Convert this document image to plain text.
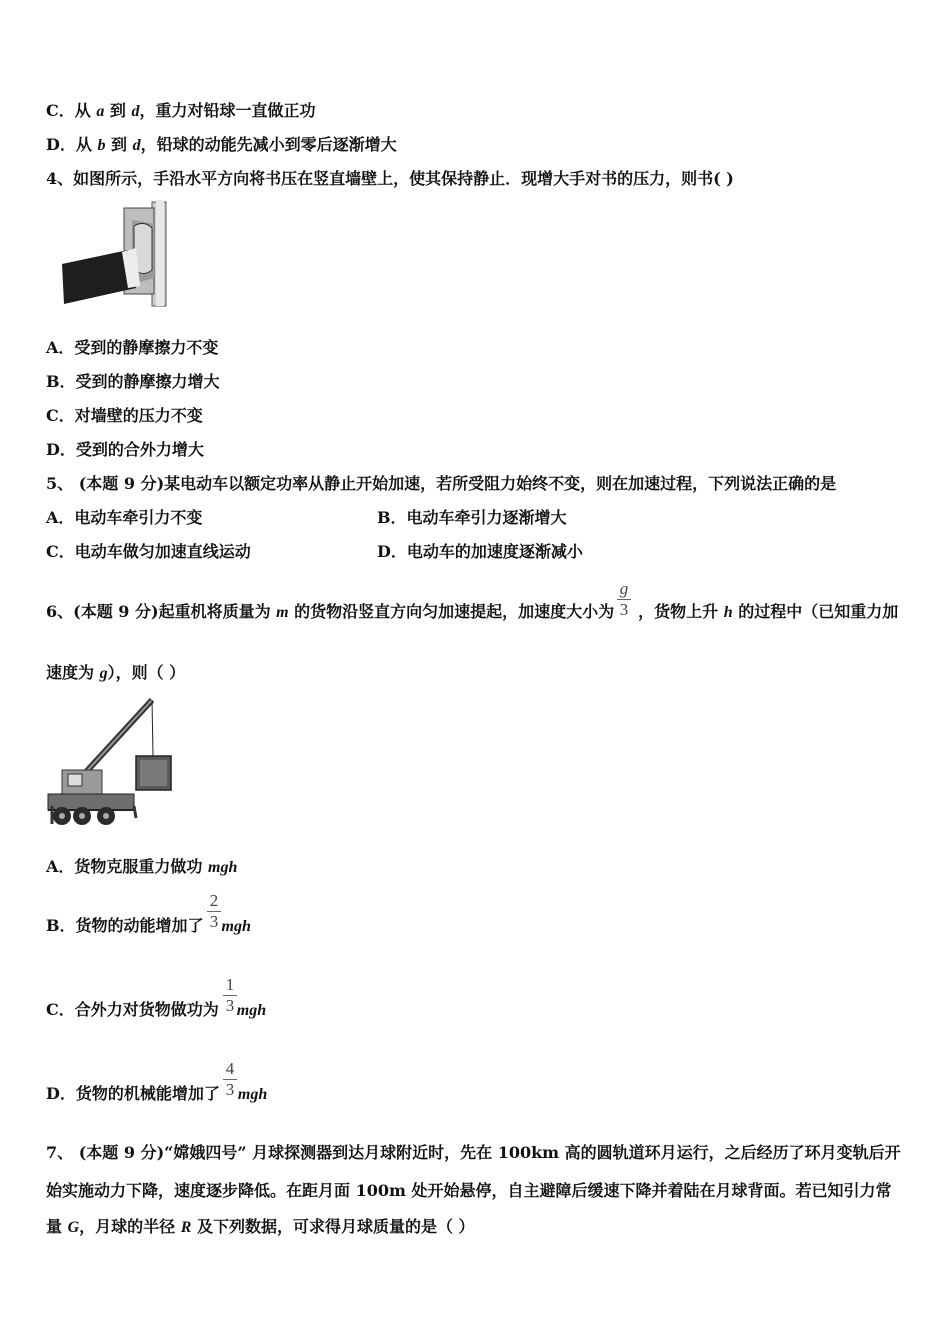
C．从 a 到 d，重力对铅球一直做正功
D．从 b 到 d，铅球的动能先减小到零后逐渐增大
4、如图所示，手沿水平方向将书压在竖直墙壁上，使其保持静止．现增大手对书的压力，则书( )
A．受到的静摩擦力不变
B．受到的静摩擦力增大
C．对墙壁的压力不变
D．受到的合外力增大
5、 (本题 9 分)某电动车以额定功率从静止开始加速，若所受阻力始终不变，则在加速过程，下列说法正确的是
A．电动车牵引力不变	B．电动车牵引力逐渐增大
C．电动车做匀加速直线运动	D．电动车的加速度逐渐减小
6、(本题 9 分)起重机将质量为 m 的货物沿竖直方向匀加速提起，加速度大小为 ，货物上升 h 的过程中（已知重力加
g
3
速度为 g），则（ ）
A．货物克服重力做功 mgh
B．货物的动能增加了 mgh
2
3
C．合外力对货物做功为 mgh
1
3
D．货物的机械能增加了 mgh
4
3
7、 (本题 9 分)“嫦娥四号” 月球探测器到达月球附近时，先在 100km 高的圆轨道环月运行，之后经历了环月变轨后开
始实施动力下降，速度逐步降低。在距月面 100m 处开始悬停，自主避障后缓速下降并着陆在月球背面。若已知引力常
量 G，月球的半径 R 及下列数据，可求得月球质量的是（ ）
